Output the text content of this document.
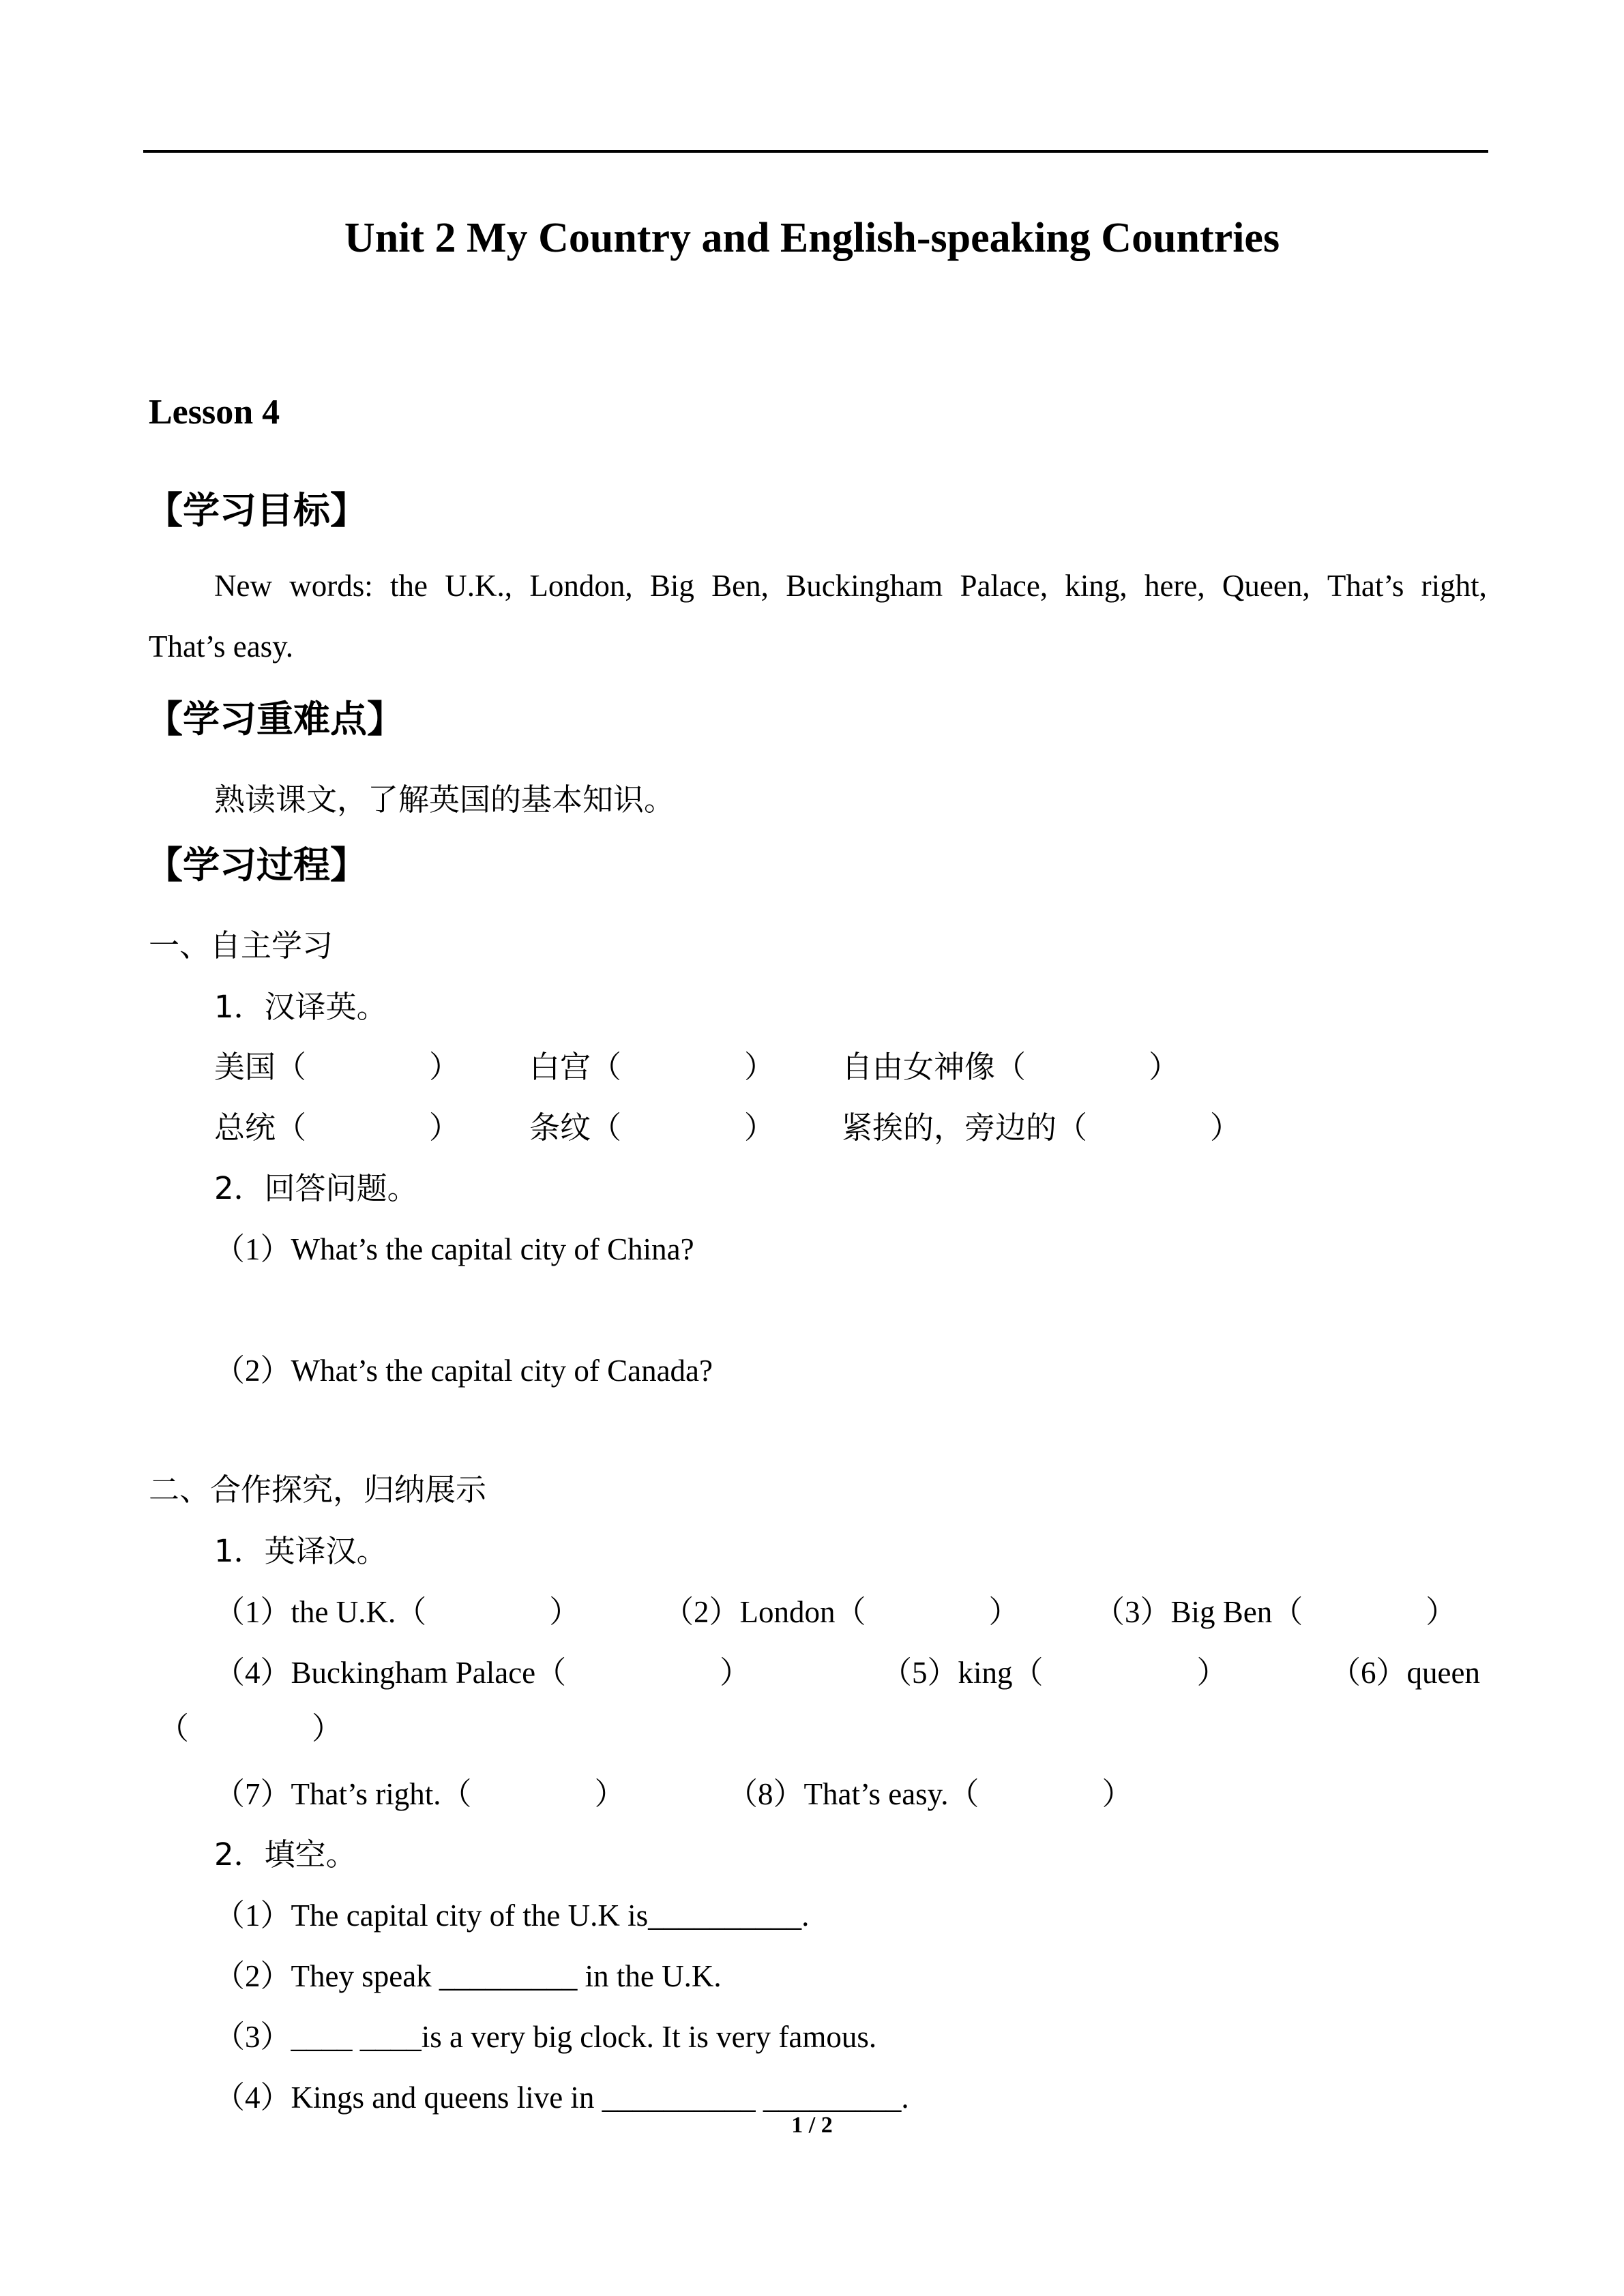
Unit 2 My Country and English-speaking Countries
Lesson 4
【学习目标】
New words: the U.K., London, Big Ben, Buckingham Palace, king, here, Queen, That’s right,
That’s easy.
【学习重难点】
熟读课文，了解英国的基本知识。
【学习过程】
一、自主学习
1．汉译英。
美国（　　　　） 白宫（　　　　） 自由女神像（　　　　）
总统（　　　　） 条纹（　　　　） 紧挨的，旁边的（　　　　）
2．回答问题。
（1）What’s the capital city of China?
（2）What’s the capital city of Canada?
二、合作探究，归纳展示
1．英译汉。
（1）the U.K.（　　　　）	（2）London（　　　　） （3）Big Ben（　　　　）
（4）Buckingham Palace（　　　　　）	（5）king（　　　　　）	（6）queen
（　　　　）
（7）That’s right.（　　　　）	（8）That’s easy.（　　　　）
2．填空。
（1）The capital city of the U.K is__________.
（2）They speak _________ in the U.K.
（3）____ ____is a very big clock. It is very famous.
（4）Kings and queens live in __________ _________.
1 / 2
